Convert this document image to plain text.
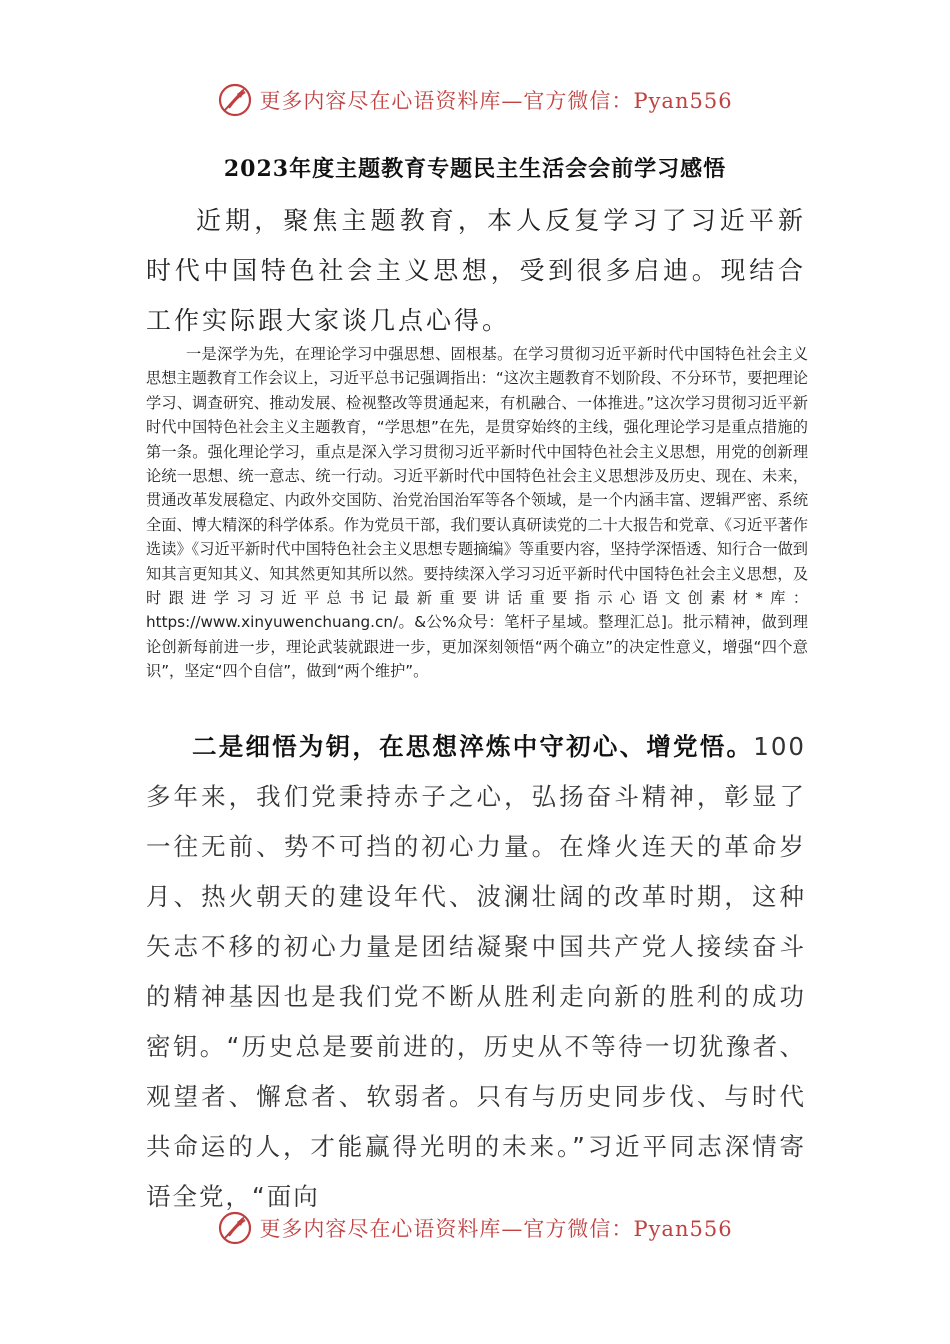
更多内容尽在心语资料库—官方微信：Pyan556
2023年度主题教育专题民主生活会会前学习感悟

近期，聚焦主题教育，本人反复学习了习近平新时代中国特色社会主义思想，受到很多启迪。现结合工作实际跟大家谈几点心得。

一是深学为先，在理论学习中强思想、固根基。在学习贯彻习近平新时代中国特色社会主义思想主题教育工作会议上，习近平总书记强调指出：“这次主题教育不划阶段、不分环节，要把理论学习、调查研究、推动发展、检视整改等贯通起来，有机融合、一体推进。”这次学习贯彻习近平新时代中国特色社会主义主题教育，“学思想”在先，是贯穿始终的主线，强化理论学习是重点措施的第一条。强化理论学习，重点是深入学习贯彻习近平新时代中国特色社会主义思想，用党的创新理论统一思想、统一意志、统一行动。习近平新时代中国特色社会主义思想涉及历史、现在、未来，贯通改革发展稳定、内政外交国防、治党治国治军等各个领域，是一个内涵丰富、逻辑严密、系统全面、博大精深的科学体系。作为党员干部，我们要认真研读党的二十大报告和党章、《习近平著作选读》《习近平新时代中国特色社会主义思想专题摘编》等重要内容，坚持学深悟透、知行合一做到知其言更知其义、知其然更知其所以然。要持续深入学习习近平新时代中国特色社会主义思想，及时跟进学习习近平总书记最新重要讲话重要指示心语文创素材*库：https://www.xinyuwenchuang.cn/。&公%众号：笔杆子星域。整理汇总]。批示精神，做到理论创新每前进一步，理论武装就跟进一步，更加深刻领悟“两个确立”的决定性意义，增强“四个意识”，坚定“四个自信”，做到“两个维护”。

二是细悟为钥，在思想淬炼中守初心、增党悟。100多年来，我们党秉持赤子之心，弘扬奋斗精神，彰显了一往无前、势不可挡的初心力量。在烽火连天的革命岁月、热火朝天的建设年代、波澜壮阔的改革时期，这种矢志不移的初心力量是团结凝聚中国共产党人接续奋斗的精神基因也是我们党不断从胜利走向新的胜利的成功密钥。“历史总是要前进的，历史从不等待一切犹豫者、观望者、懈怠者、软弱者。只有与历史同步伐、与时代共命运的人，才能赢得光明的未来。”习近平同志深情寄语全党，“面向

更多内容尽在心语资料库—官方微信：Pyan556
